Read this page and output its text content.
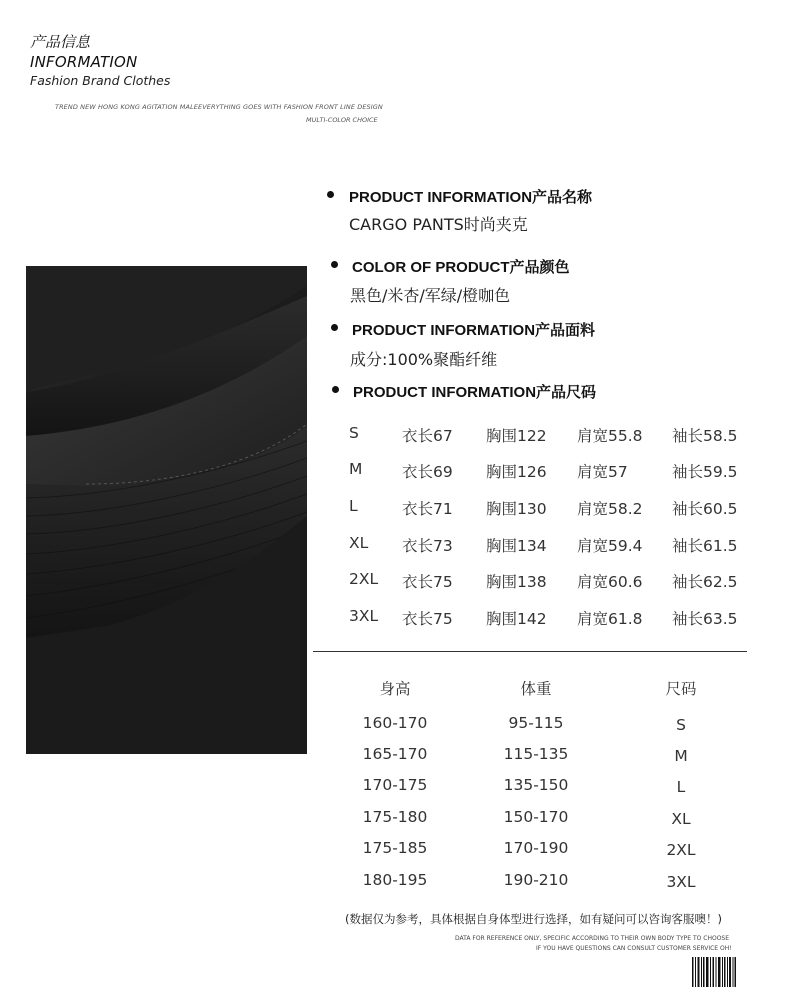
产品信息
INFORMATION
Fashion Brand Clothes
TREND NEW HONG KONG AGITATION MALEEVERYTHING GOES WITH FASHION FRONT LINE DESIGN
MULTI-COLOR CHOICE
PRODUCT INFORMATION产品名称
CARGO PANTS时尚夹克
COLOR OF PRODUCT产品颜色
黑色/米杏/军绿/橙咖色
PRODUCT INFORMATION产品面料
成分:100%聚酯纤维
PRODUCT INFORMATION产品尺码
S	衣长67 胸围122 肩宽55.8 袖长58.5
M	衣长69 胸围126 肩宽57	袖长59.5
L	衣长71 胸围130 肩宽58.2 袖长60.5
XL 衣长73 胸围134 肩宽59.4 袖长61.5
2XL 衣长75 胸围138 肩宽60.6 袖长62.5
3XL 衣长75 胸围142 肩宽61.8 袖长63.5
身高	体重	尺码
160-170	95-115	S
165-170	115-135	M
170-175	135-150	L
175-180	150-170	XL
175-185	170-190	2XL
180-195	190-210	3XL
(数据仅为参考，具体根据自身体型进行选择，如有疑问可以咨询客服噢！)
DATA FOR REFERENCE ONLY, SPECIFIC ACCORDING TO THEIR OWN BODY TYPE TO CHOOSE
IF YOU HAVE QUESTIONS CAN CONSULT CUSTOMER SERVICE OH!
